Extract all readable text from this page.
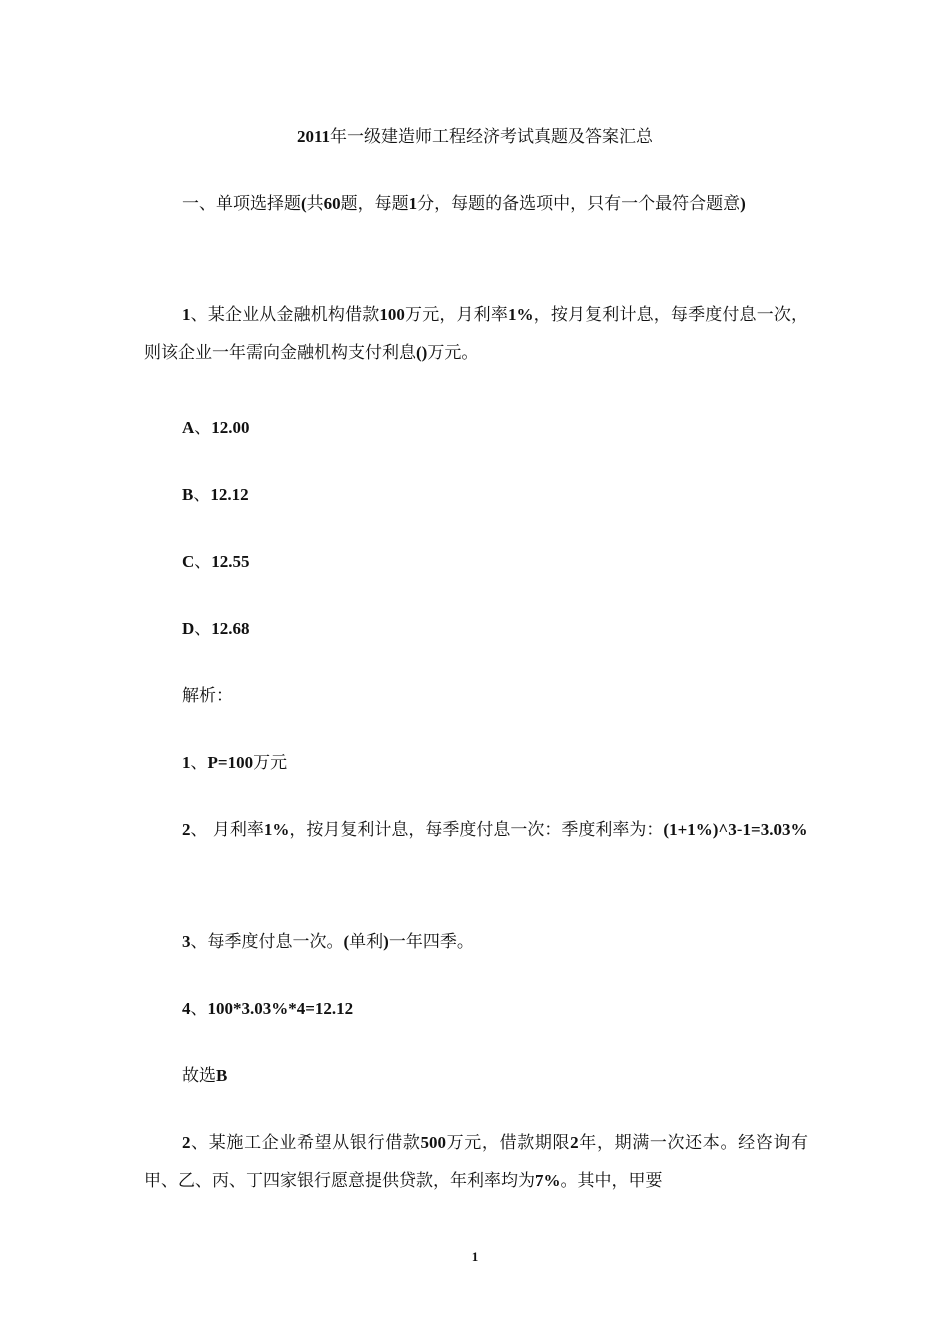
2011年一级建造师工程经济考试真题及答案汇总

一、单项选择题(共60题，每题1分，每题的备选项中，只有一个最符合题意)

1、某企业从金融机构借款100万元，月利率1%，按月复利计息，每季度付息一次，则该企业一年需向金融机构支付利息()万元。

A、12.00
B、12.12
C、12.55
D、12.68
解析：
1、P=100万元

2、 月利率1%，按月复利计息，每季度付息一次：季度利率为：(1+1%)^3-1=3.03%

3、每季度付息一次。(单利)一年四季。
4、100*3.03%*4=12.12
故选B

2、某施工企业希望从银行借款500万元，借款期限2年，期满一次还本。经咨询有甲、乙、丙、丁四家银行愿意提供贷款，年利率均为7%。其中，甲要

1
